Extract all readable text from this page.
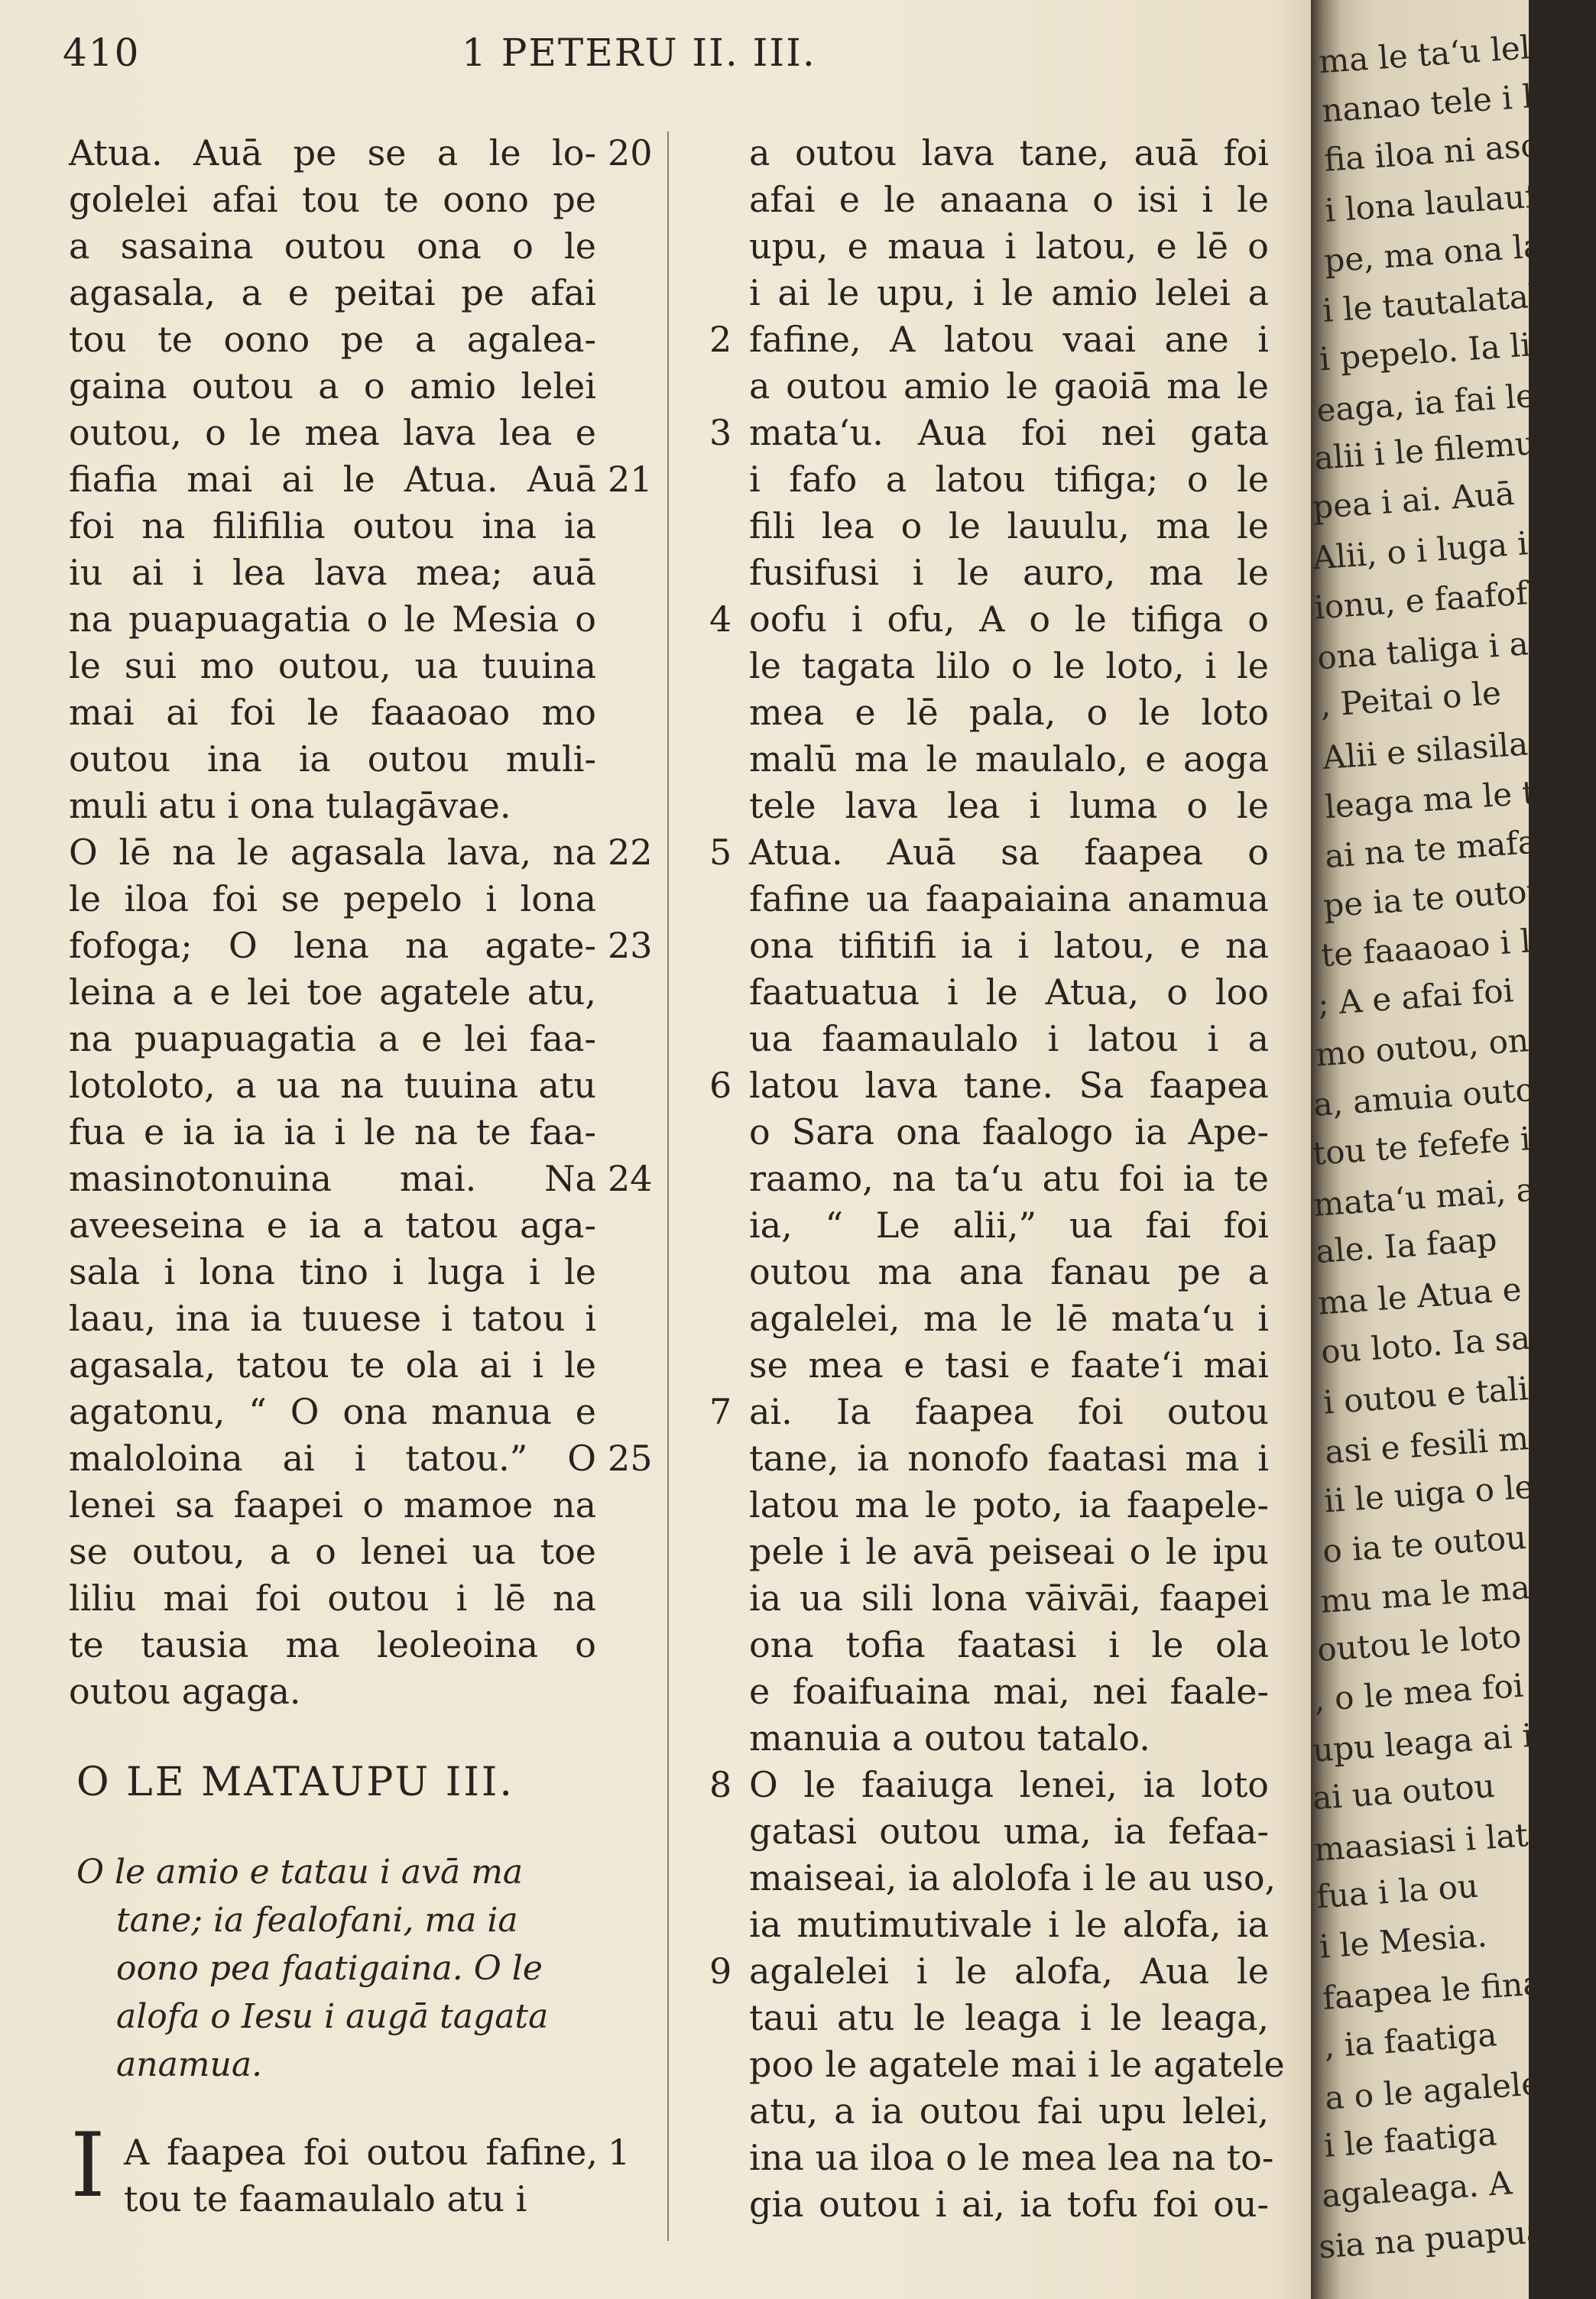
410	1 PETERU II. III.
Atua. Auā pe se a le lo-
golelei afai tou te oono pe
a sasaina outou ona o le
agasala, a e peitai pe afai
tou te oono pe a agalea-
gaina outou a o amio lelei
outou, o le mea lava lea e
fiafia mai ai le Atua. Auā
foi na filifilia outou ina ia
iu ai i lea lava mea; auā
na puapuagatia o le Mesia o
le sui mo outou, ua tuuina
mai ai foi le faaaoao mo
outou ina ia outou muli-
muli atu i ona tulagāvae.
O lē na le agasala lava, na
le iloa foi se pepelo i lona
fofoga; O lena na agate-
leina a e lei toe agatele atu,
na puapuagatia a e lei faa-
lotoloto, a ua na tuuina atu
fua e ia ia ia i le na te faa-
masinotonuina mai. Na
aveeseina e ia a tatou aga-
sala i lona tino i luga i le
laau, ina ia tuuese i tatou i
agasala, tatou te ola ai i le
agatonu, “ O ona manua e
maloloina ai i tatou.” O
lenei sa faapei o mamoe na
se outou, a o lenei ua toe
liliu mai foi outou i lē na
te tausia ma leoleoina o
outou agaga.
20
21
22
23
24
25
O LE MATAUPU III.
O le amio e tatau i avā ma
tane; ia fealofani, ma ia
oono pea faatigaina. O le
alofa o Iesu i augā tagata
anamua.
I A faapea foi outou fafine,
tou te faamaulalo atu i
1
2
3
4
5
6
7
8
9
a outou lava tane, auā foi
afai e le anaana o isi i le
upu, e maua i latou, e lē o
i ai le upu, i le amio lelei a
fafine, A latou vaai ane i
a outou amio le gaoiā ma le
mataʻu. Aua foi nei gata
i fafo a latou tifiga; o le
fili lea o le lauulu, ma le
fusifusi i le auro, ma le
oofu i ofu, A o le tifiga o
le tagata lilo o le loto, i le
mea e lē pala, o le loto
malū ma le maulalo, e aoga
tele lava lea i luma o le
Atua. Auā sa faapea o
fafine ua faapaiaina anamua
ona tifitifi ia i latou, e na
faatuatua i le Atua, o loo
ua faamaulalo i latou i a
latou lava tane. Sa faapea
o Sara ona faalogo ia Ape-
raamo, na taʻu atu foi ia te
ia, “ Le alii,” ua fai foi
outou ma ana fanau pe a
agalelei, ma le lē mataʻu i
se mea e tasi e faateʻi mai
ai. Ia faapea foi outou
tane, ia nonofo faatasi ma i
latou ma le poto, ia faapele-
pele i le avā peiseai o le ipu
ia ua sili lona vāivāi, faapei
ona tofia faatasi i le ola
e foaifuaina mai, nei faale-
manuia a outou tatalo.
O le faaiuga lenei, ia loto
gatasi outou uma, ia fefaa-
maiseai, ia alolofa i le au uso,
ia mutimutivale i le alofa, ia
agalelei i le alofa, Aua le
taui atu le leaga i le leaga,
poo le agatele mai i le agatele
atu, a ia outou fai upu lelei,
ina ua iloa o le mea lea na to-
gia outou i ai, ia tofu foi ou-
ma le taʻu lelei.
nanao tele i le
fia iloa ni aso
i lona laulaufai
pe, ma ona laug
i le tautalatala a
i pepelo. Ia lili
eaga, ia fai le am
alii i le filemu
pea i ai. Auā
Alii, o i luga ia
ionu, e faafofo
ona taliga i a la
, Peitai o le
Alii e silasila lea
leaga ma le toa
ai na te mafaia
pe ia te outou,
te faaaoao i lo
; A e afai foi
mo outou, ona
a, amuia outou
tou te fefefe i
mataʻu mai, aua
ale. Ia faap
ma le Atua e o
ou loto. Ia sa
i outou e tali a
asi e fesili mai
ii le uiga o le
o ia te outou i
mu ma le mata
outou le loto
, o le mea foi
upu leaga ai ia
ai ua outou
maasiasi i lato
fua i la ou
i le Mesia.
faapea le fina
, ia faatiga
a o le agalelei,
i le faatiga
agaleaga. A
sia na puapua
